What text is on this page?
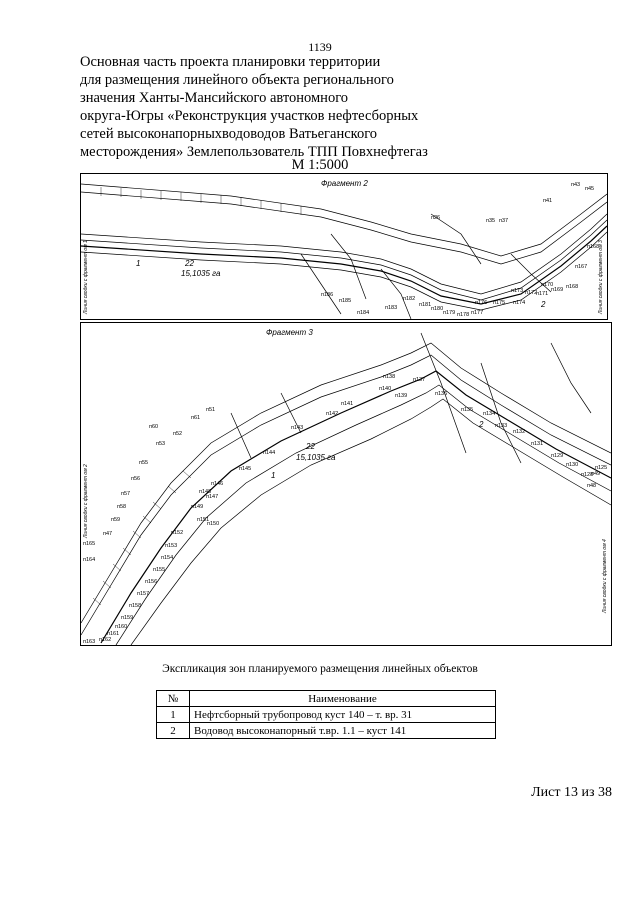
1139
Основная часть проекта планировки территории
для размещения линейного объекта регионального
значения Ханты-Мансийского автономного
округа-Югры «Реконструкция участков нефтесборных
сетей высоконапорныхводоводов Ватьеганского
месторождения» Землепользователь ТПП Повхнефтегаз
М 1:5000
Фрагмент 2
22
15,1035 га
1
2
Линия сводки с фрагмент ом 1	Линия сводки с фрагмент ом 3
п26	п35 п37
п41
п43
п45
п168
п167
п170
п169 п168
п171
п172
п173
п174
п175
п176
п177
п178
п179
п180
п181
п182
п183
п184
п185
п186
Фрагмент 3
22
15,1035 га
1
2
Линия сводки с фрагмент ом 2
Линия сводки с фрагмент ом 4
п51
п52
п53
п55
п56
п57
п58
п59
п60
п61
п128
п129
п130
п131
п132
п133
п134
п135
п136
п137
п138
п139
п140
п141
п142
п143
п144
п145
п146
п147
п148
п149
п150
п151
п152
п153
п154
п155
п156
п157
п158
п159
п160
п161
п162
п163
п164
п165
п47
п48
п49
п125
Экспликация зон планируемого размещения линейных объектов
№	Наименование
1	Нефтсборный трубопровод куст 140 – т. вр. 31
2	Водовод высоконапорный т.вр. 1.1 – куст 141
Лист 13 из 38
